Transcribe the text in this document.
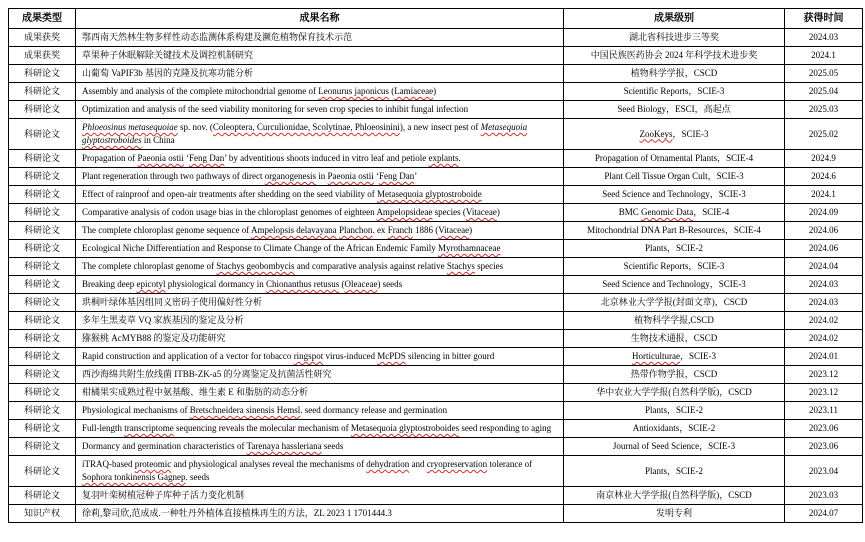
成果类型	成果名称	成果级别	获得时间
成果获奖	鄂西南天然林生物多样性动态监测体系构建及濒危植物保育技术示范	湖北省科技进步三等奖	2024.03
成果获奖	草果种子休眠解除关键技术及调控机制研究	中国民族医药协会 2024 年科学技术进步奖	2024.1
科研论文	山葡萄 VaPIF3b 基因的克隆及抗寒功能分析	植物科学学报，CSCD	2025.05
科研论文	Assembly and analysis of the complete mitochondrial genome of Leonurus japonicus (Lamiaceae)	Scientific Reports，SCIE-3	2025.04
科研论文	Optimization and analysis of the seed viability monitoring for seven crop species to inhibit fungal infection	Seed Biology，ESCI，高起点	2025.03
科研论文	Phloeosinus metasequoiae sp. nov. (Coleoptera, Curculionidae, Scolytinae, Phloeosinini), a new insect pest of Metasequoia glyptostroboides in China	ZooKeys，SCIE-3	2025.02
科研论文	Propagation of Paeonia ostii ‘Feng Dan’ by adventitious shoots induced in vitro leaf and petiole explants.	Propagation of Ornamental Plants，SCIE-4	2024.9
科研论文	Plant regeneration through two pathways of direct organogenesis in Paeonia ostii ‘Feng Dan’	Plant Cell Tissue Organ Cult，SCIE-3	2024.6
科研论文	Effect of rainproof and open-air treatments after shedding on the seed viability of Metasequoia glyptostroboide	Seed Science and Technology，SCIE-3	2024.1
科研论文	Comparative analysis of codon usage bias in the chloroplast genomes of eighteen Ampelopsideae species (Vitaceae)	BMC Genomic Data，SCIE-4	2024.09
科研论文	The complete chloroplast genome sequence of Ampelopsis delavayana Planchon. ex Franch 1886 (Vitaceae)	Mitochondrial DNA Part B-Resources，SCIE-4	2024.06
科研论文	Ecological Niche Differentiation and Response to Climate Change of the African Endemic Family Myrothamnaceae	Plants，SCIE-2	2024.06
科研论文	The complete chloroplast genome of Stachys geobombycis and comparative analysis against relative Stachys species	Scientific Reports，SCIE-3	2024.04
科研论文	Breaking deep epicotyl physiological dormancy in Chionanthus retusus (Oleaceae) seeds	Seed Science and Technology，SCIE-3	2024.03
科研论文	珙桐叶绿体基因组同义密码子使用偏好性分析	北京林业大学学报(封面文章)，CSCD	2024.03
科研论文	多年生黑麦草 VQ 家族基因的鉴定及分析	植物科学学报,CSCD	2024.02
科研论文	猕猴桃 AcMYB88 的鉴定及功能研究	生物技术通报，CSCD	2024.02
科研论文	Rapid construction and application of a vector for tobacco ringspot virus-induced McPDS silencing in bitter gourd	Horticulturae，SCIE-3	2024.01
科研论文	西沙海绵共附生放线菌 ITBB-ZK-a5 的分离鉴定及抗菌活性研究	热带作物学报，CSCD	2023.12
科研论文	柑橘果实成熟过程中氨基酸、维生素 E 和脂肪的动态分析	华中农业大学学报(自然科学版)，CSCD	2023.12
科研论文	Physiological mechanisms of Bretschneidera sinensis Hemsl. seed dormancy release and germination	Plants，SCIE-2	2023.11
科研论文	Full-length transcriptome sequencing reveals the molecular mechanism of Metasequoia glyptostroboides seed responding to aging	Antioxidants，SCIE-2	2023.06
科研论文	Dormancy and germination characteristics of Tarenaya hassleriana seeds	Journal of Seed Science，SCIE-3	2023.06
科研论文	iTRAQ-based proteomic and physiological analyses reveal the mechanisms of dehydration and cryopreservation tolerance of Sophora tonkinensis Gagnep. seeds	Plants，SCIE-2	2023.04
科研论文	复羽叶栾树植冠种子库种子活力变化机制	南京林业大学学报(自然科学版)，CSCD	2023.03
知识产权	徐莉,黎司欣,范成成.一种牡丹外植体直接植株再生的方法，ZL 2023 1 1701444.3	发明专利	2024.07
